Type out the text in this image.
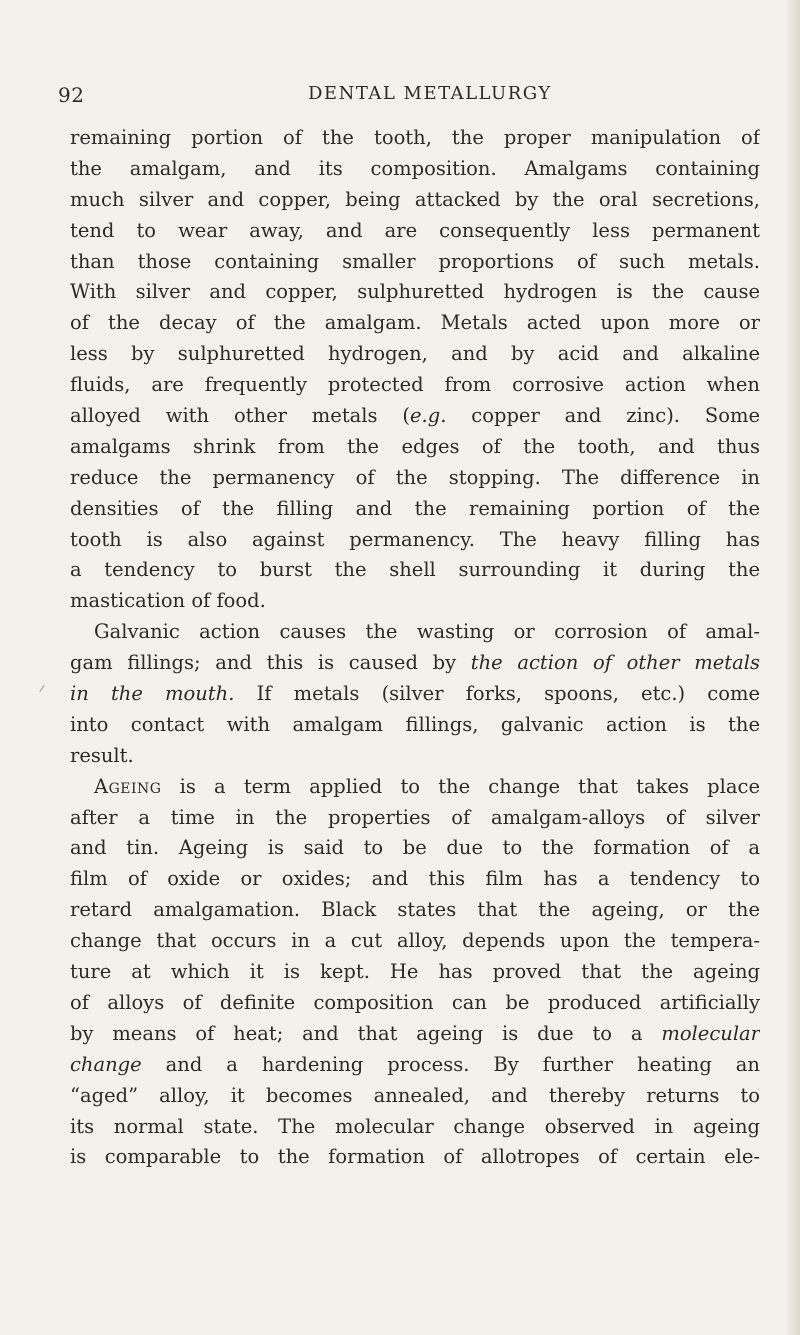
92	DENTAL METALLURGY
remaining portion of the tooth, the proper manipulation of
the amalgam, and its composition. Amalgams containing
much silver and copper, being attacked by the oral secretions,
tend to wear away, and are consequently less permanent
than those containing smaller proportions of such metals.
With silver and copper, sulphuretted hydrogen is the cause
of the decay of the amalgam. Metals acted upon more or
less by sulphuretted hydrogen, and by acid and alkaline
fluids, are frequently protected from corrosive action when
alloyed with other metals (e.g. copper and zinc). Some
amalgams shrink from the edges of the tooth, and thus
reduce the permanency of the stopping. The difference in
densities of the filling and the remaining portion of the
tooth is also against permanency. The heavy filling has
a tendency to burst the shell surrounding it during the
mastication of food.
Galvanic action causes the wasting or corrosion of amal-
gam fillings; and this is caused by the action of other metals
in the mouth. If metals (silver forks, spoons, etc.) come
into contact with amalgam fillings, galvanic action is the
result.
Ageing is a term applied to the change that takes place
after a time in the properties of amalgam-alloys of silver
and tin. Ageing is said to be due to the formation of a
film of oxide or oxides; and this film has a tendency to
retard amalgamation. Black states that the ageing, or the
change that occurs in a cut alloy, depends upon the tempera-
ture at which it is kept. He has proved that the ageing
of alloys of definite composition can be produced artificially
by means of heat; and that ageing is due to a molecular
change and a hardening process. By further heating an
“aged” alloy, it becomes annealed, and thereby returns to
its normal state. The molecular change observed in ageing
is comparable to the formation of allotropes of certain ele-
